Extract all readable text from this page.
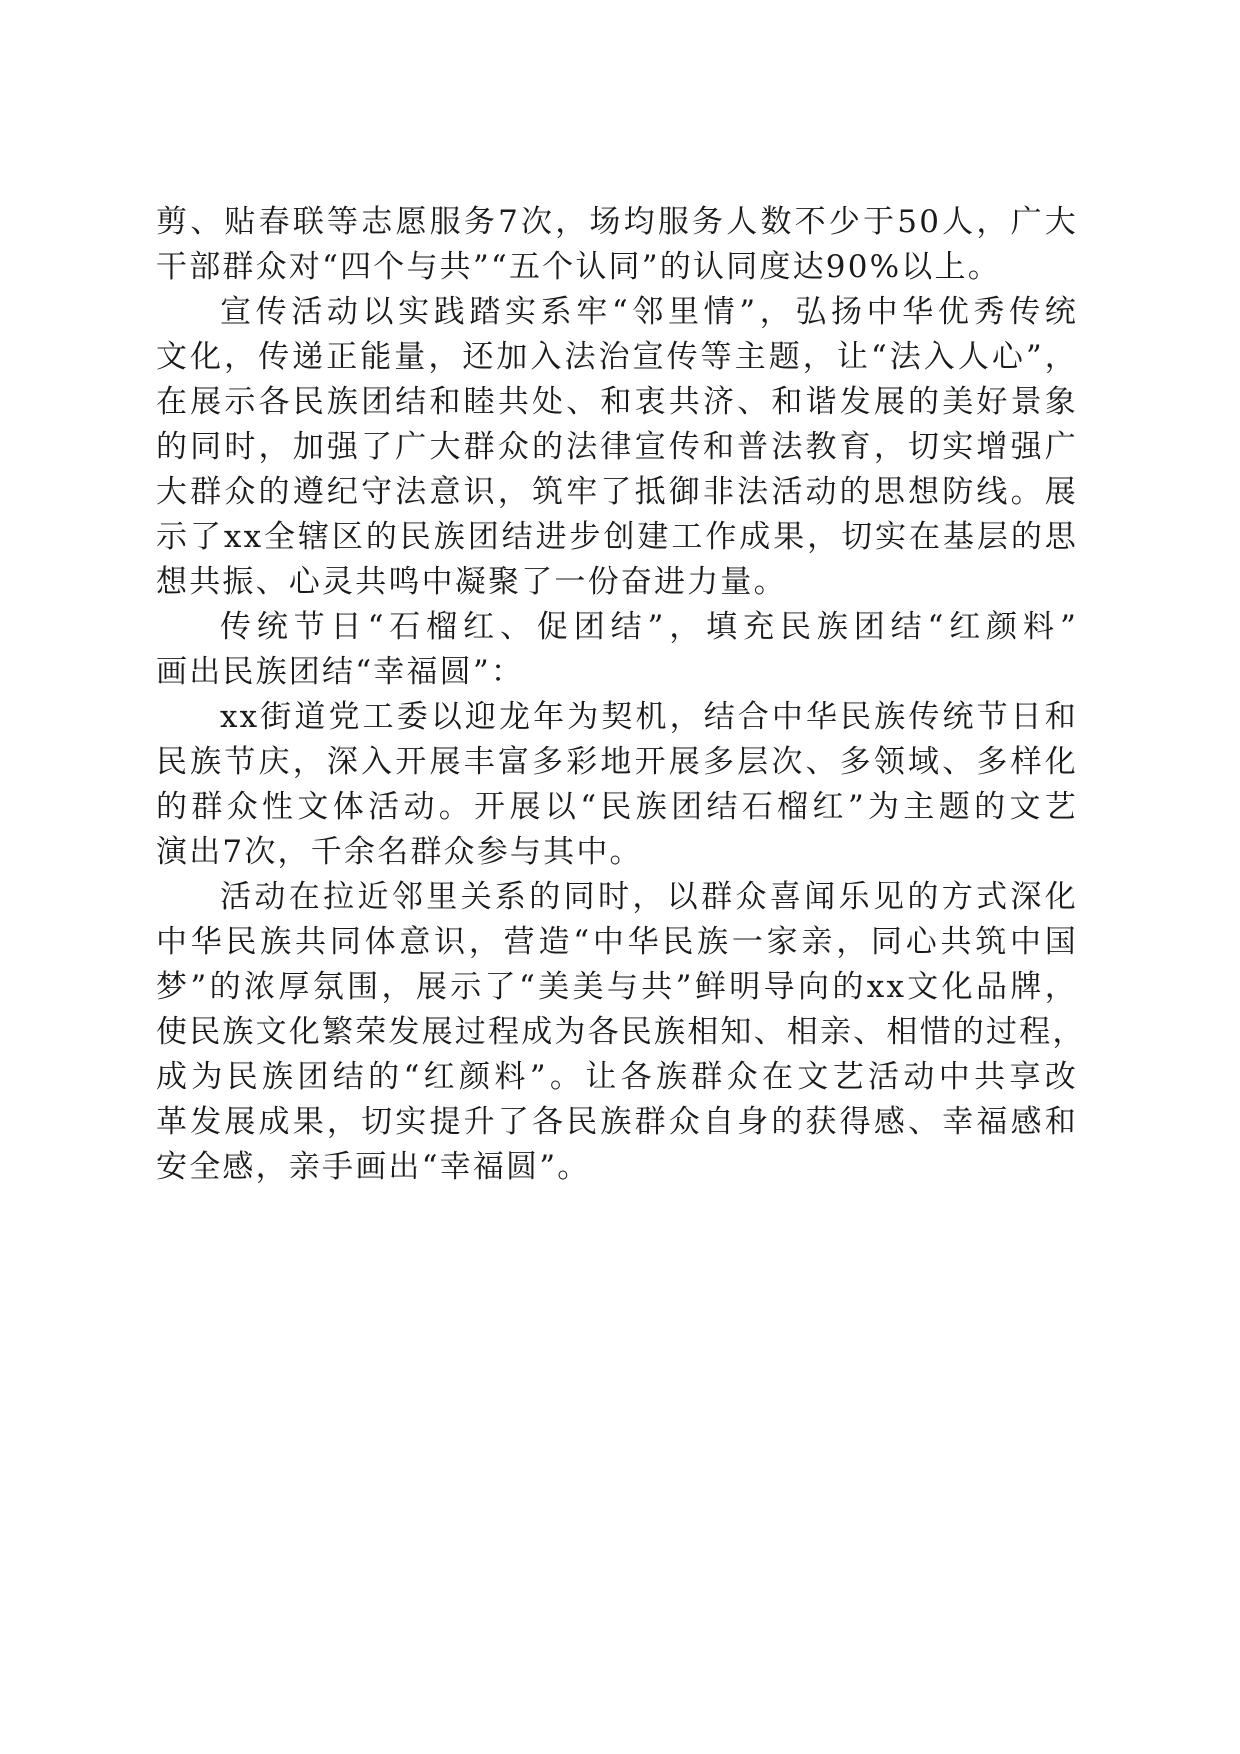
剪、贴春联等志愿服务7次，场均服务人数不少于50人，广大
干部群众对“四个与共”“五个认同”的认同度达90%以上。
宣传活动以实践踏实系牢“邻里情”，弘扬中华优秀传统
文化，传递正能量，还加入法治宣传等主题，让“法入人心”，
在展示各民族团结和睦共处、和衷共济、和谐发展的美好景象
的同时，加强了广大群众的法律宣传和普法教育，切实增强广
大群众的遵纪守法意识，筑牢了抵御非法活动的思想防线。展
示了xx全辖区的民族团结进步创建工作成果，切实在基层的思
想共振、心灵共鸣中凝聚了一份奋进力量。
传统节日“石榴红、促团结”，填充民族团结“红颜料”
画出民族团结“幸福圆”：
xx街道党工委以迎龙年为契机，结合中华民族传统节日和
民族节庆，深入开展丰富多彩地开展多层次、多领域、多样化
的群众性文体活动。开展以“民族团结石榴红”为主题的文艺
演出7次，千余名群众参与其中。
活动在拉近邻里关系的同时，以群众喜闻乐见的方式深化
中华民族共同体意识，营造“中华民族一家亲，同心共筑中国
梦”的浓厚氛围，展示了“美美与共”鲜明导向的xx文化品牌，
使民族文化繁荣发展过程成为各民族相知、相亲、相惜的过程，
成为民族团结的“红颜料”。让各族群众在文艺活动中共享改
革发展成果，切实提升了各民族群众自身的获得感、幸福感和
安全感，亲手画出“幸福圆”。
